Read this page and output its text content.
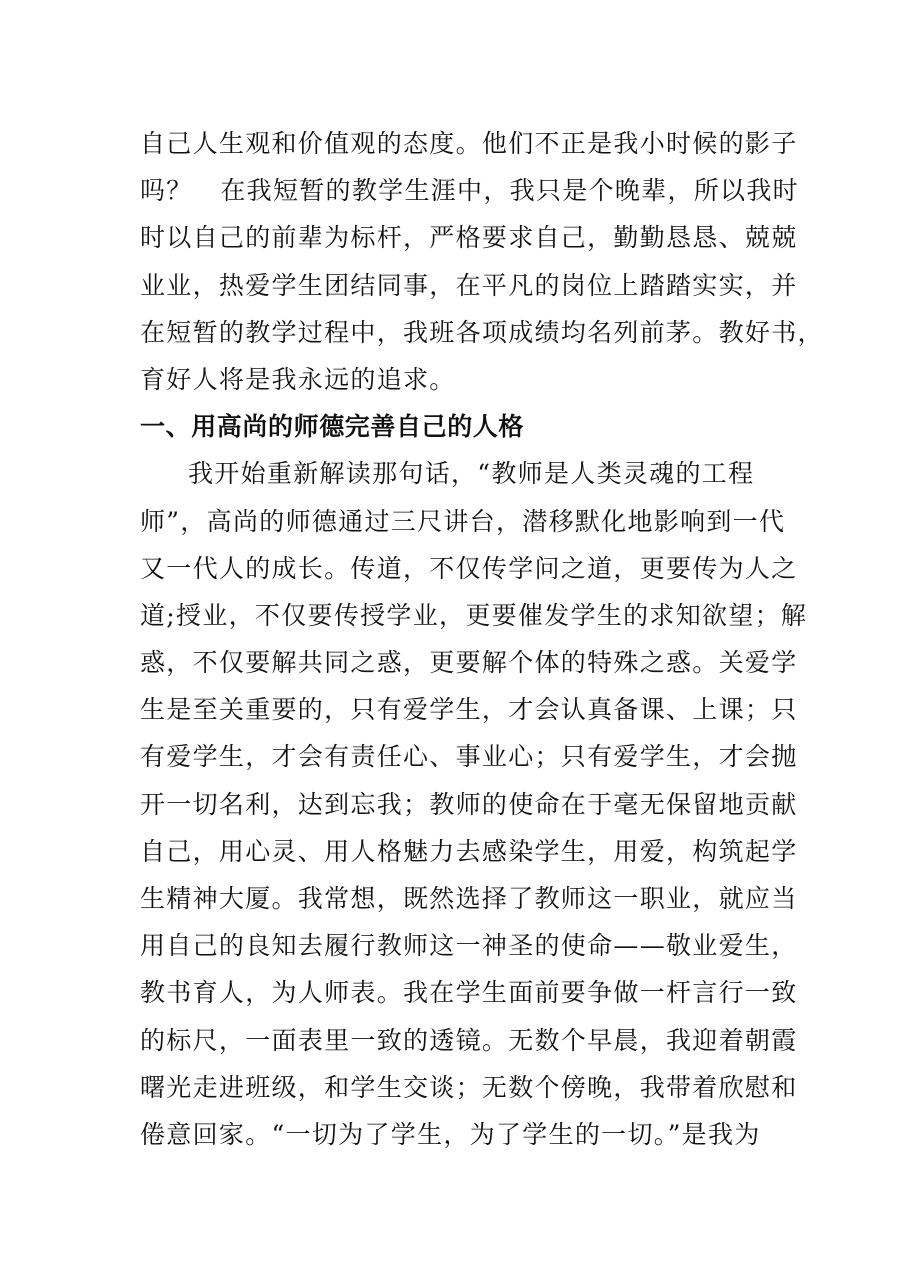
自己人生观和价值观的态度。他们不正是我小时候的影子
吗？   在我短暂的教学生涯中，我只是个晚辈，所以我时
时以自己的前辈为标杆，严格要求自己，勤勤恳恳、兢兢
业业，热爱学生团结同事，在平凡的岗位上踏踏实实，并
在短暂的教学过程中，我班各项成绩均名列前茅。教好书，
育好人将是我永远的追求。
一、用高尚的师德完善自己的人格
我开始重新解读那句话，“教师是人类灵魂的工程
师”，高尚的师德通过三尺讲台，潜移默化地影响到一代
又一代人的成长。传道，不仅传学问之道，更要传为人之
道;授业，不仅要传授学业，更要催发学生的求知欲望；解
惑，不仅要解共同之惑，更要解个体的特殊之惑。关爱学
生是至关重要的，只有爱学生，才会认真备课、上课；只
有爱学生，才会有责任心、事业心；只有爱学生，才会抛
开一切名利，达到忘我；教师的使命在于毫无保留地贡献
自己，用心灵、用人格魅力去感染学生，用爱，构筑起学
生精神大厦。我常想，既然选择了教师这一职业，就应当
用自己的良知去履行教师这一神圣的使命——敬业爱生，
教书育人，为人师表。我在学生面前要争做一杆言行一致
的标尺，一面表里一致的透镜。无数个早晨，我迎着朝霞
曙光走进班级，和学生交谈；无数个傍晚，我带着欣慰和
倦意回家。“一切为了学生，为了学生的一切。”是我为
